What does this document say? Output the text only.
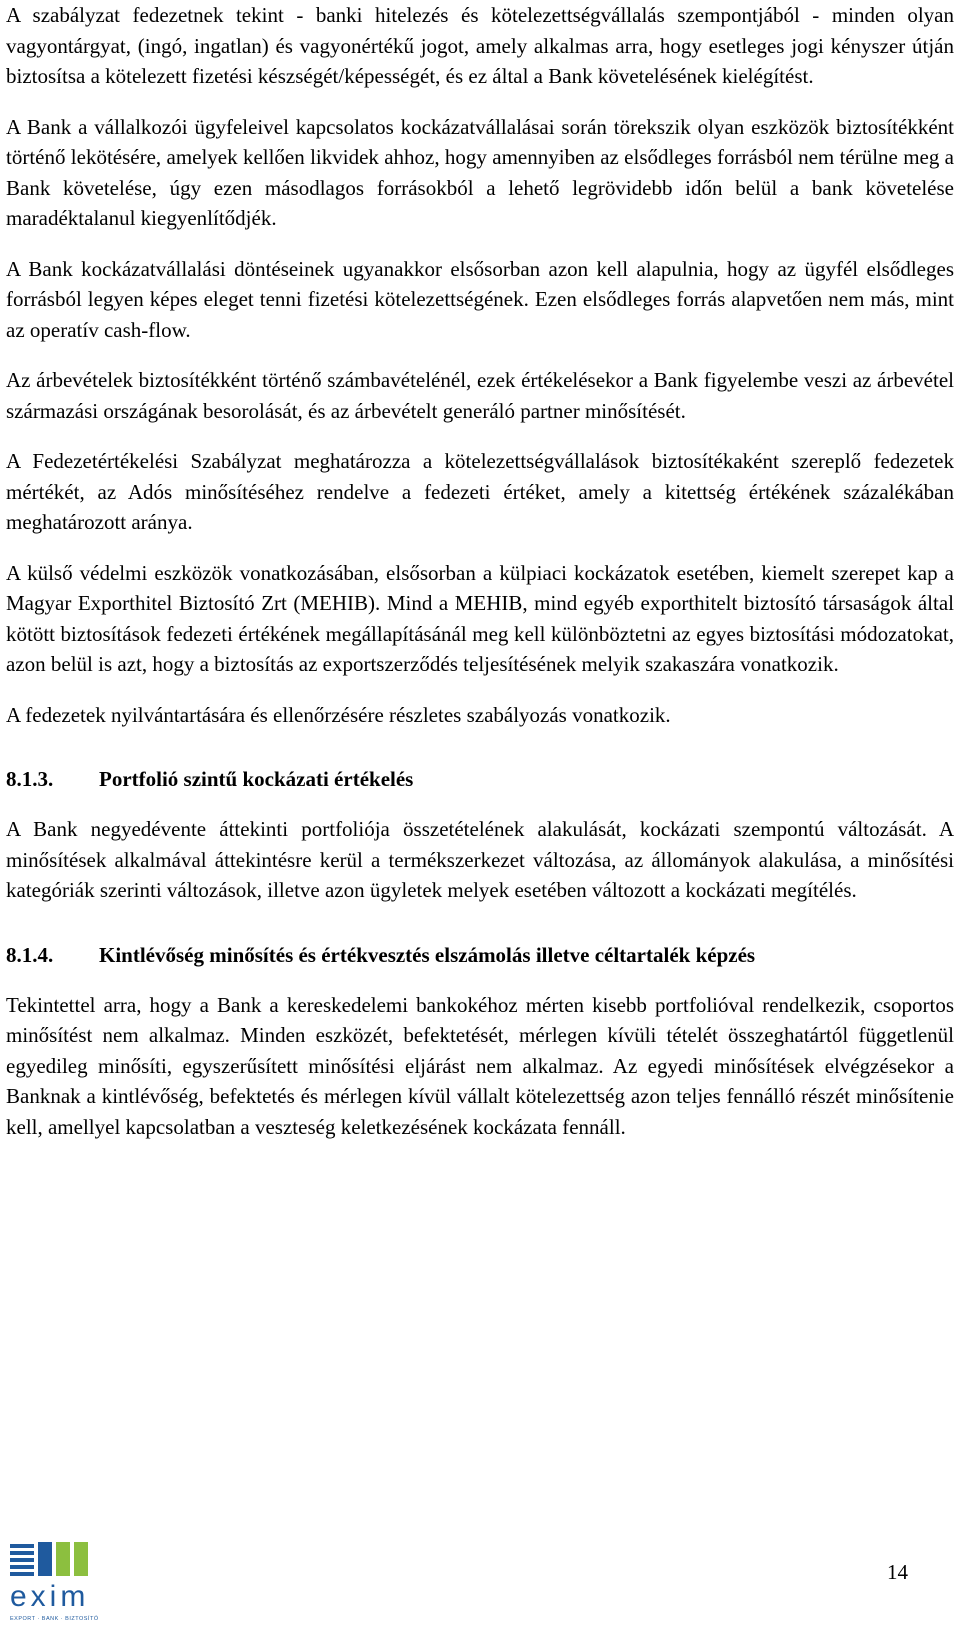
A szabályzat fedezetnek tekint - banki hitelezés és kötelezettségvállalás szempontjából - minden olyan vagyontárgyat, (ingó, ingatlan) és vagyonértékű jogot, amely alkalmas arra, hogy esetleges jogi kényszer útján biztosítsa a kötelezett fizetési készségét/képességét, és ez által a Bank követelésének kielégítést.

A Bank a vállalkozói ügyfeleivel kapcsolatos kockázatvállalásai során törekszik olyan eszközök biztosítékként történő lekötésére, amelyek kellően likvidek ahhoz, hogy amennyiben az elsődleges forrásból nem térülne meg a Bank követelése, úgy ezen másodlagos forrásokból a lehető legrövidebb időn belül a bank követelése maradéktalanul kiegyenlítődjék.

A Bank kockázatvállalási döntéseinek ugyanakkor elsősorban azon kell alapulnia, hogy az ügyfél elsődleges forrásból legyen képes eleget tenni fizetési kötelezettségének. Ezen elsődleges forrás alapvetően nem más, mint az operatív cash-flow.

Az árbevételek biztosítékként történő számbavételénél, ezek értékelésekor a Bank figyelembe veszi az árbevétel származási országának besorolását, és az árbevételt generáló partner minősítését.

A Fedezetértékelési Szabályzat meghatározza a kötelezettségvállalások biztosítékaként szereplő fedezetek mértékét, az Adós minősítéséhez rendelve a fedezeti értéket, amely a kitettség értékének százalékában meghatározott aránya.

A külső védelmi eszközök vonatkozásában, elsősorban a külpiaci kockázatok esetében, kiemelt szerepet kap a Magyar Exporthitel Biztosító Zrt (MEHIB). Mind a MEHIB, mind egyéb exporthitelt biztosító társaságok által kötött biztosítások fedezeti értékének megállapításánál meg kell különböztetni az egyes biztosítási módozatokat, azon belül is azt, hogy a biztosítás az exportszerződés teljesítésének melyik szakaszára vonatkozik.

A fedezetek nyilvántartására és ellenőrzésére részletes szabályozás vonatkozik.

8.1.3.	Portfolió szintű kockázati értékelés

A Bank negyedévente áttekinti portfoliója összetételének alakulását, kockázati szempontú változását. A minősítések alkalmával áttekintésre kerül a termékszerkezet változása, az állományok alakulása, a minősítési kategóriák szerinti változások, illetve azon ügyletek melyek esetében változott a kockázati megítélés.

8.1.4.	Kintlévőség minősítés és értékvesztés elszámolás illetve céltartalék képzés

Tekintettel arra, hogy a Bank a kereskedelemi bankokéhoz mérten kisebb portfolióval rendelkezik, csoportos minősítést nem alkalmaz. Minden eszközét, befektetését, mérlegen kívüli tételét összeghatártól függetlenül egyedileg minősíti, egyszerűsített minősítési eljárást nem alkalmaz. Az egyedi minősítések elvégzésekor a Banknak a kintlévőség, befektetés és mérlegen kívül vállalt kötelezettség azon teljes fennálló részét minősítenie kell, amellyel kapcsolatban a veszteség keletkezésének kockázata fennáll.

exim
EXPORT · BANK · BIZTOSÍTÓ
14
